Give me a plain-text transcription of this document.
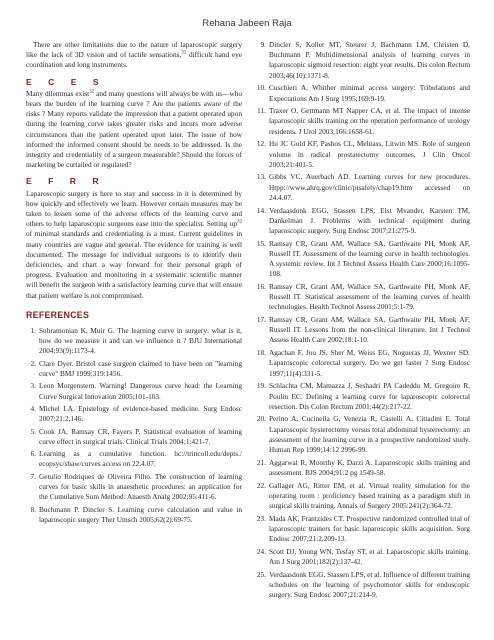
Rehana Jabeen Raja

There are other limitations due to the nature of laparoscopic surgery like the lack of 3D vision and of tactile sensations,$^{31}$ difficult hand eye coordination and long instruments.

E C E S

Many dilemmas exist$^{32}$ and many questions will always be with us—who bears the burden of the learning curve ? Are the patients aware of the risks ? Many reports validate the impression that a patient operated upon during the learning curve takes greater risks and incurs more adverse circumstances than the patient operated upon later. The issue of how informed the informed consent should be needs to be addressed. Is the integrity and credentiality of a surgeon measurable? Should the forces of marketing be curtailed or regulated?

E F R R

Laparoscopic surgery is here to stay and success in it is determined by how quickly and effectively we learn. However certain measures may be taken to lessen some of the adverse effects of the learning curve and others to help laparoscopic surgeons ease into the specialist. Setting $up^{32}$ of minimal standards and credentialing is a must. Current guidelines in many countries are vague and general. The evidence for training is well documented. The message for individual surgeons is to identify their deficiencies, and chart a way forward for their personal graph of progress. Evaluation and monitoring in a systematic scientific manner will benefit the surgeon with a satisfactory learning curve that will ensure that patient welfare is not compromised.

REFERENCES
1. Subramonian K, Muir G. The learning curve in surgery: what is it, how do we measure it and can we influence it ? BJU International 2004;93(9):1173-4.
2. Clare Dyer. Bristol case surgeon claimed to have been on "learning curve" BMJ 1999;319:1456.
3. Leon Morgenstern. Warning! Dangerous curve head: the Learning Curve Surgical Innovation 2005;101-103.
4. Michel LA. Epistelogy of evidence-based medicine. Surg Endosc 2007;21:2,146.
5. Cook JA, Ramsay CR, Fayers P. Statistical evaluation of learning curve effect in surgical trials. Clinical Trials 2004;1:421-7.
6. Learning as a cumulative function. hc://trincoll.edu/depts./ ecopsyc/shaw/curves access on 22.4.07.
7. Getulio Rodriques de Oliveira Filho. The construction of learning curves for basic skills in anaesthetic procedures: an application for the Cumulative Sum Method: Anaesth Analg 2002;95:411-6.
8. Buchmann P. Dincler S. Learning curve calculation and value in laparoscopic surgery Ther Umsch 2005;62(2):69-75.
9. Dincler S, Koller MT, Steurer J, Bachmann LM, Christen D, Buchmann P. Multidimensional analysis of learning curves in laparoscopic sigmoid resection: eight year results. Dis colon Rectum 2003;46(10):1371-8.
10. Cuschieri A. Whither minimal access surgery: Tribulations and Expectations Am J Surg 1995;169:9-19.
11. Traxer O, Gettmann MT Napper CA, et al. The impact of intense laparoscopic skills training on the operation performance of urology residents. J Urol 2003;166:1658-61.
12. Hu JC Gold KF, Pashos CL, Mehtass, Litwin MS. Role of surgeon volume in radical prostatectomy outcomes. J Clin Oncol 2003;21:401-5.
13. Gibbs VC, Auerbach AD. Learning curves for new procedures. Htpp://www.ahrq.gov/clinic/ptsafety/chap19.htm accessed on 24.4.07.
14. Verdaasdonk EGG, Stassen LPS, Elst Mvander, Karsten TM, Dankelman J. Problems with technical equipment during laparoscopic surgery. Surg Endosc 2007;21:275-9.
15. Ramsay CR, Grant AM, Wallace SA, Garthwaite PH, Monk AF, Russell IT. Assessment of the learning curve in health technologies. A systemic review. Int J Technol Assess Health Care 2000;16:1095-108.
16. Ramsay CR, Grant AM, Wallace SA, Garthwaite PH, Monk AF, Russell IT. Statistical assessment of the learning curves of health technologies. Health Technol Assess 2001;5:1-79.
17. Ramsay CR, Grant AM, Wallace SA, Garthwaite PH, Monk AF, Russell IT. Lessons from the non-clinical literature. Int J Technol Assess Health Care 2002;18:1-10.
18. Agachan F, Joo JS, Sher M, Weiss EG, Nogueras JJ, Wexner SD. Laparoscopic colorectal surgery. Do we get faster ? Surg Endosc 1997;11(4):331-5.
19. Schlachta CM, Mamazza J, Seshadri PA Cadeddu M, Gregoire R, Poulin EC. Defining a learning curve for laparoscopic colorectal resection. Dis Colon Rectum 2001;44(2):217-22.
20. Perino A, Cucinella G, Venezia R, Castelli A, Cittadini E. Total Laparoscopic hysterectomy versus total abdominal hysterectomy: an assessment of the learning curve in a prospective randomized study. Human Rep 1999;14:12 2996-99.
21. Aggarwal R, Moorthy K, Darzi A. Laparoscopic skills training and assessment. BJS 2004;91:2 pg 1549-58.
22. Gallager AG, Ritter EM, et al. Virtual reality simulation for the operating room : proficiency based training as a paradigm shift in surgical skills training. Annals of Surgery 2005:241(2):364-72.
23. Mada AK, Frantzides CT. Prospective randomized controlled trial of laparoscopic trainers for basic laparoscopic skills acquisition. Surg Endosc 2007;21:2,209-13.
24. Scott DJ, Young WN, Tesfay ST, et al. Laparoscopic skills training. Am J Surg 2001;182(2):137-42.
25. Verdaasdonk EGG, Stassen LPS, et al. Influence of different training schedules on the learning of psychomotor skills for endoscopic surgery. Surg Endosc 2007;21:214-9.
